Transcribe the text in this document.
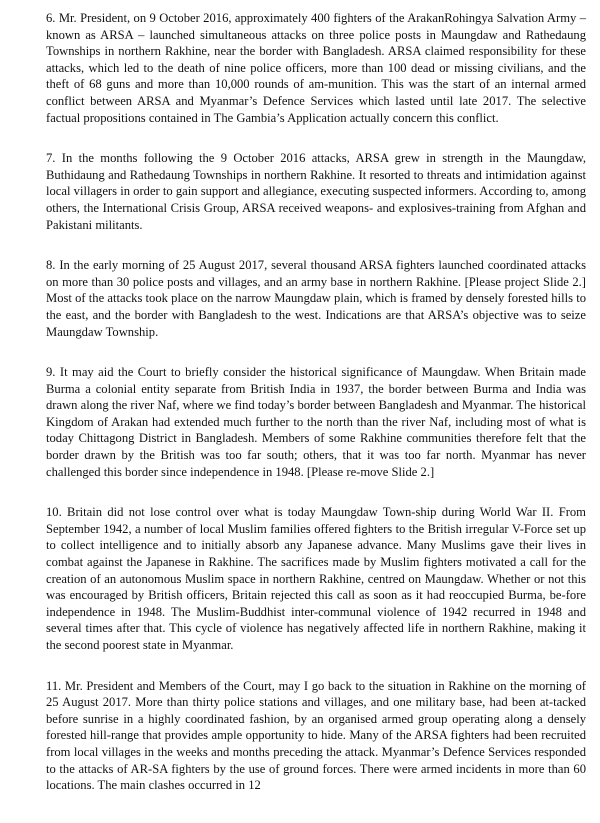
6. Mr. President, on 9 October 2016, approximately 400 fighters of the ArakanRohingya Salvation Army – known as ARSA – launched simultaneous attacks on three police posts in Maungdaw and Rathedaung Townships in northern Rakhine, near the border with Bangladesh. ARSA claimed responsibility for these attacks, which led to the death of nine police officers, more than 100 dead or missing civilians, and the theft of 68 guns and more than 10,000 rounds of am-munition. This was the start of an internal armed conflict between ARSA and Myanmar’s Defence Services which lasted until late 2017. The selective factual propositions contained in The Gambia’s Application actually concern this conflict.

7. In the months following the 9 October 2016 attacks, ARSA grew in strength in the Maungdaw, Buthidaung and Rathedaung Townships in northern Rakhine. It resorted to threats and intimidation against local villagers in order to gain support and allegiance, executing suspected informers. According to, among others, the International Crisis Group, ARSA received weapons- and explosives-training from Afghan and Pakistani militants.

8. In the early morning of 25 August 2017, several thousand ARSA fighters launched coordinated attacks on more than 30 police posts and villages, and an army base in northern Rakhine. [Please project Slide 2.] Most of the attacks took place on the narrow Maungdaw plain, which is framed by densely forested hills to the east, and the border with Bangladesh to the west. Indications are that ARSA’s objective was to seize Maungdaw Township.

9. It may aid the Court to briefly consider the historical significance of Maungdaw. When Britain made Burma a colonial entity separate from British India in 1937, the border between Burma and India was drawn along the river Naf, where we find today’s border between Bangladesh and Myanmar. The historical Kingdom of Arakan had extended much further to the north than the river Naf, including most of what is today Chittagong District in Bangladesh. Members of some Rakhine communities therefore felt that the border drawn by the British was too far south; others, that it was too far north. Myanmar has never challenged this border since independence in 1948. [Please re-move Slide 2.]

10. Britain did not lose control over what is today Maungdaw Town-ship during World War II. From September 1942, a number of local Muslim families offered fighters to the British irregular V-Force set up to collect intelligence and to initially absorb any Japanese advance. Many Muslims gave their lives in combat against the Japanese in Rakhine. The sacrifices made by Muslim fighters motivated a call for the creation of an autonomous Muslim space in northern Rakhine, centred on Maungdaw. Whether or not this was encouraged by British officers, Britain rejected this call as soon as it had reoccupied Burma, be-fore independence in 1948. The Muslim-Buddhist inter-communal violence of 1942 recurred in 1948 and several times after that. This cycle of violence has negatively affected life in northern Rakhine, making it the second poorest state in Myanmar.

11. Mr. President and Members of the Court, may I go back to the situation in Rakhine on the morning of 25 August 2017. More than thirty police stations and villages, and one military base, had been at-tacked before sunrise in a highly coordinated fashion, by an organised armed group operating along a densely forested hill-range that provides ample opportunity to hide. Many of the ARSA fighters had been recruited from local villages in the weeks and months preceding the attack. Myanmar’s Defence Services responded to the attacks of AR-SA fighters by the use of ground forces. There were armed incidents in more than 60 locations. The main clashes occurred in 12
